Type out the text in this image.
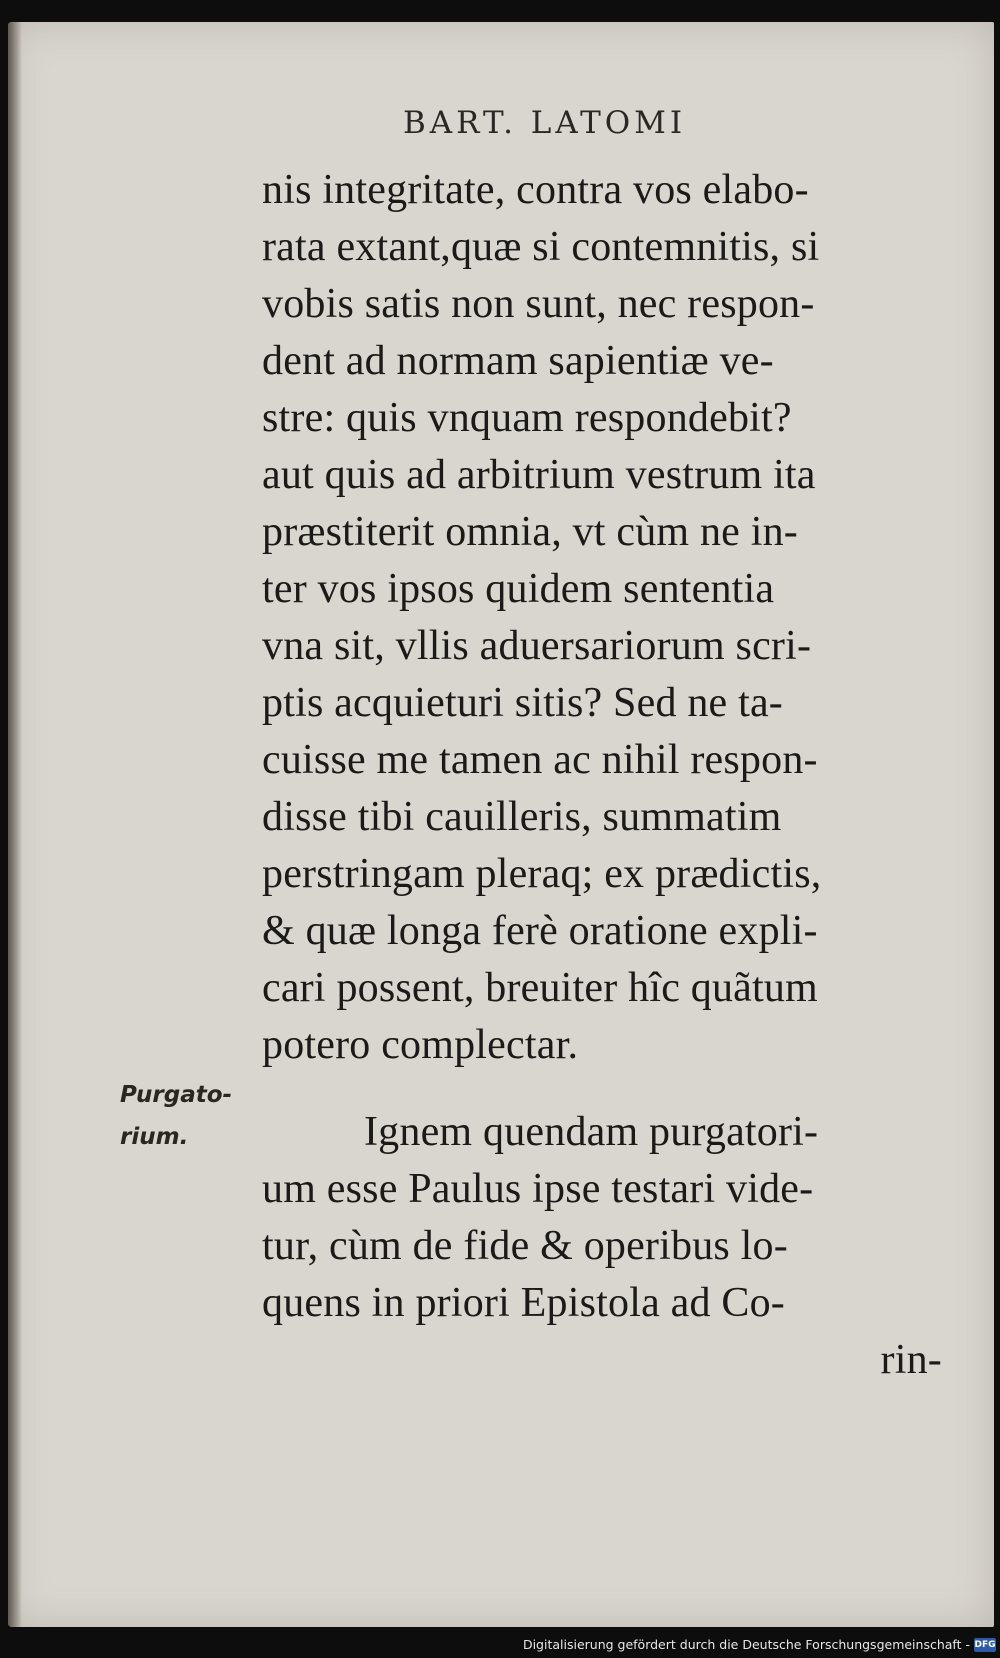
BART. LATOMI
nis integritate, contra vos elabo-
rata extant,quæ si contemnitis, si
vobis satis non sunt, nec respon-
dent ad normam sapientiæ ve-
stre: quis vnquam respondebit?
aut quis ad arbitrium vestrum ita
præstiterit omnia, vt cùm ne in-
ter vos ipsos quidem sententia
vna sit, vllis aduersariorum scri-
ptis acquieturi sitis? Sed ne ta-
cuisse me tamen ac nihil respon-
disse tibi cauilleris, summatim
perstringam pleraq; ex prædictis,
& quæ longa ferè oratione expli-
cari possent, breuiter hîc quãtum
potero complectar.
Ignem quendam purgatori-
um esse Paulus ipse testari vide-
tur, cùm de fide & operibus lo-
quens in priori Epistola ad Co-
rin-
Purgato-
rium.
Digitalisierung gefördert durch die Deutsche Forschungsgemeinschaft - DFG
